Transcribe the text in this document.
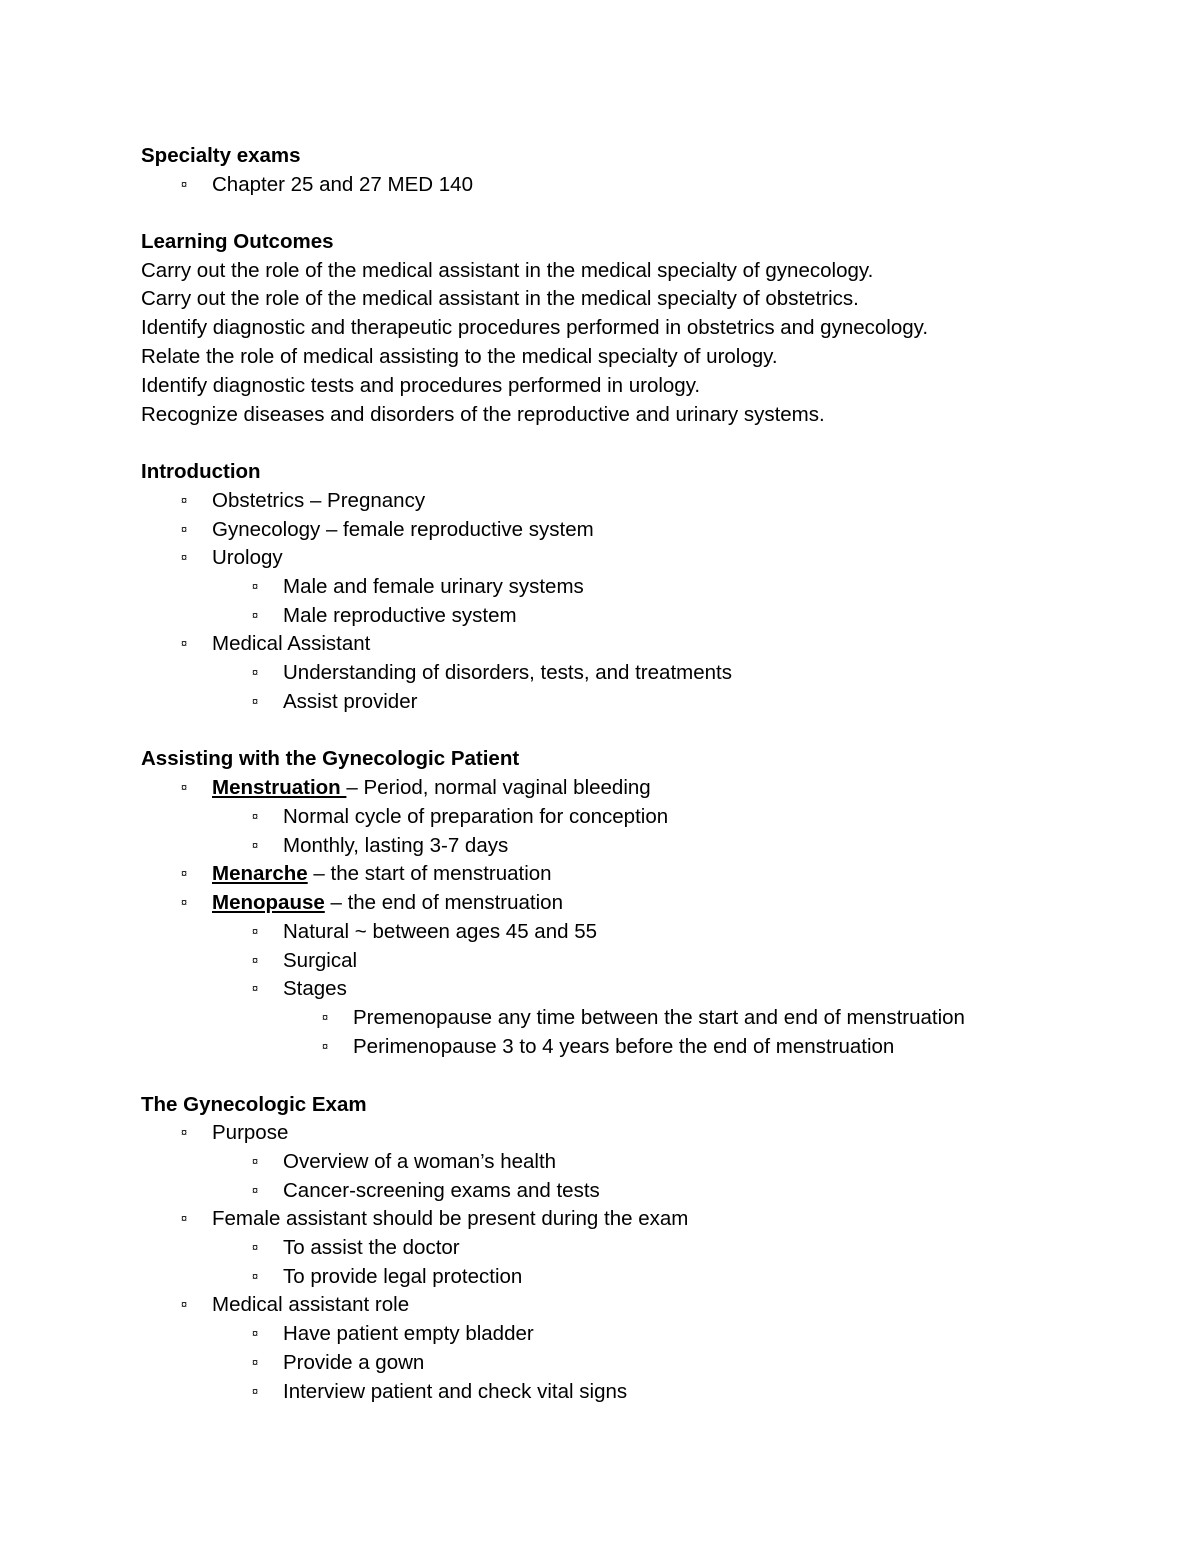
Specialty exams
¤ Chapter 25 and 27 MED 140
Learning Outcomes
Carry out the role of the medical assistant in the medical specialty of gynecology.
Carry out the role of the medical assistant in the medical specialty of obstetrics.
Identify diagnostic and therapeutic procedures performed in obstetrics and gynecology.
Relate the role of medical assisting to the medical specialty of urology.
Identify diagnostic tests and procedures performed in urology.
Recognize diseases and disorders of the reproductive and urinary systems.
Introduction
¤ Obstetrics – Pregnancy
¤ Gynecology – female reproductive system
¤ Urology
¤ Male and female urinary systems
¤ Male reproductive system
¤ Medical Assistant
¤ Understanding of disorders, tests, and treatments
¤ Assist provider
Assisting with the Gynecologic Patient
¤ Menstruation – Period, normal vaginal bleeding
¤ Normal cycle of preparation for conception
¤ Monthly, lasting 3-7 days
¤ Menarche – the start of menstruation
¤ Menopause – the end of menstruation
¤ Natural ~ between ages 45 and 55
¤ Surgical
¤ Stages
¤ Premenopause any time between the start and end of menstruation
¤ Perimenopause 3 to 4 years before the end of menstruation
The Gynecologic Exam
¤ Purpose
¤ Overview of a woman’s health
¤ Cancer-screening exams and tests
¤ Female assistant should be present during the exam
¤ To assist the doctor
¤ To provide legal protection
¤ Medical assistant role
¤ Have patient empty bladder
¤ Provide a gown
¤ Interview patient and check vital signs
